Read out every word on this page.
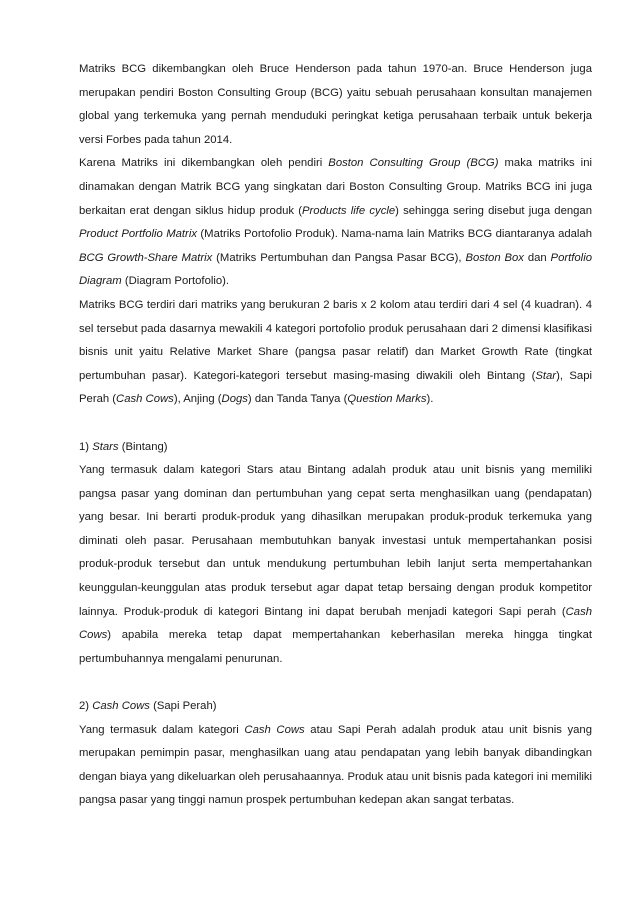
Matriks BCG dikembangkan oleh Bruce Henderson pada tahun 1970-an. Bruce Henderson juga merupakan pendiri Boston Consulting Group (BCG) yaitu sebuah perusahaan konsultan manajemen global yang terkemuka yang pernah menduduki peringkat ketiga perusahaan terbaik untuk bekerja versi Forbes pada tahun 2014.

Karena Matriks ini dikembangkan oleh pendiri Boston Consulting Group (BCG) maka matriks ini dinamakan dengan Matrik BCG yang singkatan dari Boston Consulting Group. Matriks BCG ini juga berkaitan erat dengan siklus hidup produk (Products life cycle) sehingga sering disebut juga dengan Product Portfolio Matrix (Matriks Portofolio Produk). Nama-nama lain Matriks BCG diantaranya adalah BCG Growth-Share Matrix (Matriks Pertumbuhan dan Pangsa Pasar BCG), Boston Box dan Portfolio Diagram (Diagram Portofolio).

Matriks BCG terdiri dari matriks yang berukuran 2 baris x 2 kolom atau terdiri dari 4 sel (4 kuadran). 4 sel tersebut pada dasarnya mewakili 4 kategori portofolio produk perusahaan dari 2 dimensi klasifikasi bisnis unit yaitu Relative Market Share (pangsa pasar relatif) dan Market Growth Rate (tingkat pertumbuhan pasar). Kategori-kategori tersebut masing-masing diwakili oleh Bintang (Star), Sapi Perah (Cash Cows), Anjing (Dogs) dan Tanda Tanya (Question Marks).

1) Stars (Bintang)

Yang termasuk dalam kategori Stars atau Bintang adalah produk atau unit bisnis yang memiliki pangsa pasar yang dominan dan pertumbuhan yang cepat serta menghasilkan uang (pendapatan) yang besar. Ini berarti produk-produk yang dihasilkan merupakan produk-produk terkemuka yang diminati oleh pasar. Perusahaan membutuhkan banyak investasi untuk mempertahankan posisi produk-produk tersebut dan untuk mendukung pertumbuhan lebih lanjut serta mempertahankan keunggulan-keunggulan atas produk tersebut agar dapat tetap bersaing dengan produk kompetitor lainnya. Produk-produk di kategori Bintang ini dapat berubah menjadi kategori Sapi perah (Cash Cows) apabila mereka tetap dapat mempertahankan keberhasilan mereka hingga tingkat pertumbuhannya mengalami penurunan.

2) Cash Cows (Sapi Perah)

Yang termasuk dalam kategori Cash Cows atau Sapi Perah adalah produk atau unit bisnis yang merupakan pemimpin pasar, menghasilkan uang atau pendapatan yang lebih banyak dibandingkan dengan biaya yang dikeluarkan oleh perusahaannya. Produk atau unit bisnis pada kategori ini memiliki pangsa pasar yang tinggi namun prospek pertumbuhan kedepan akan sangat terbatas.
